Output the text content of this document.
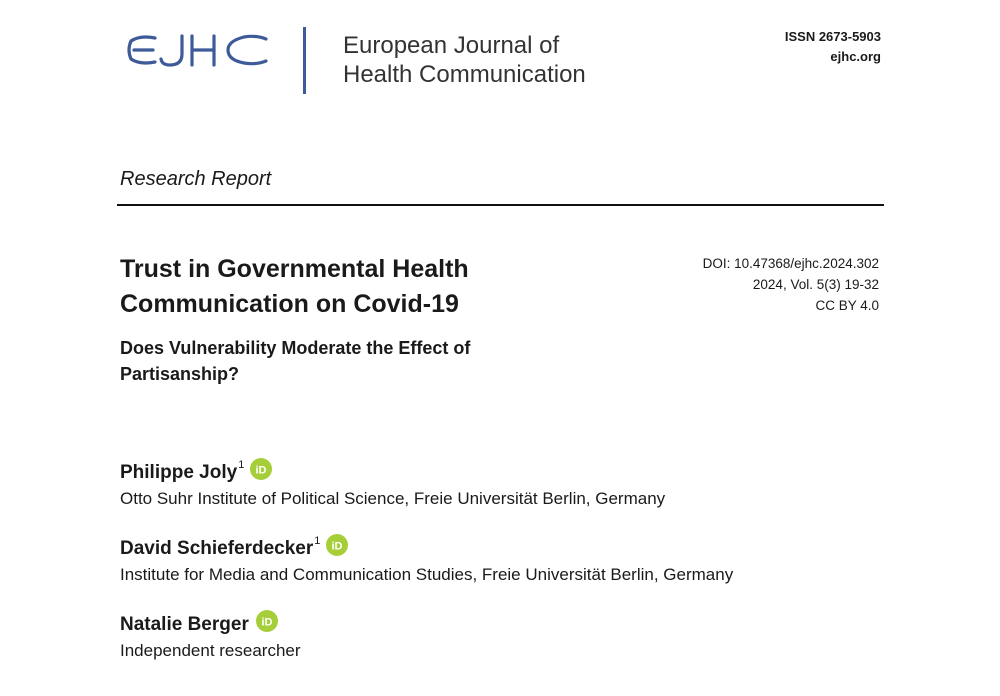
European Journal of
Health Communication
ISSN 2673-5903
ejhc.org
Research Report
Trust in Governmental Health
Communication on Covid-19
Does Vulnerability Moderate the Effect of
Partisanship?
DOI: 10.47368/ejhc.2024.302
2024, Vol. 5(3) 19-32
CC BY 4.0
Philippe Joly 1 iD
Otto Suhr Institute of Political Science, Freie Universität Berlin, Germany
David Schieferdecker 1 iD
Institute for Media and Communication Studies, Freie Universität Berlin, Germany
Natalie Berger iD
Independent researcher
